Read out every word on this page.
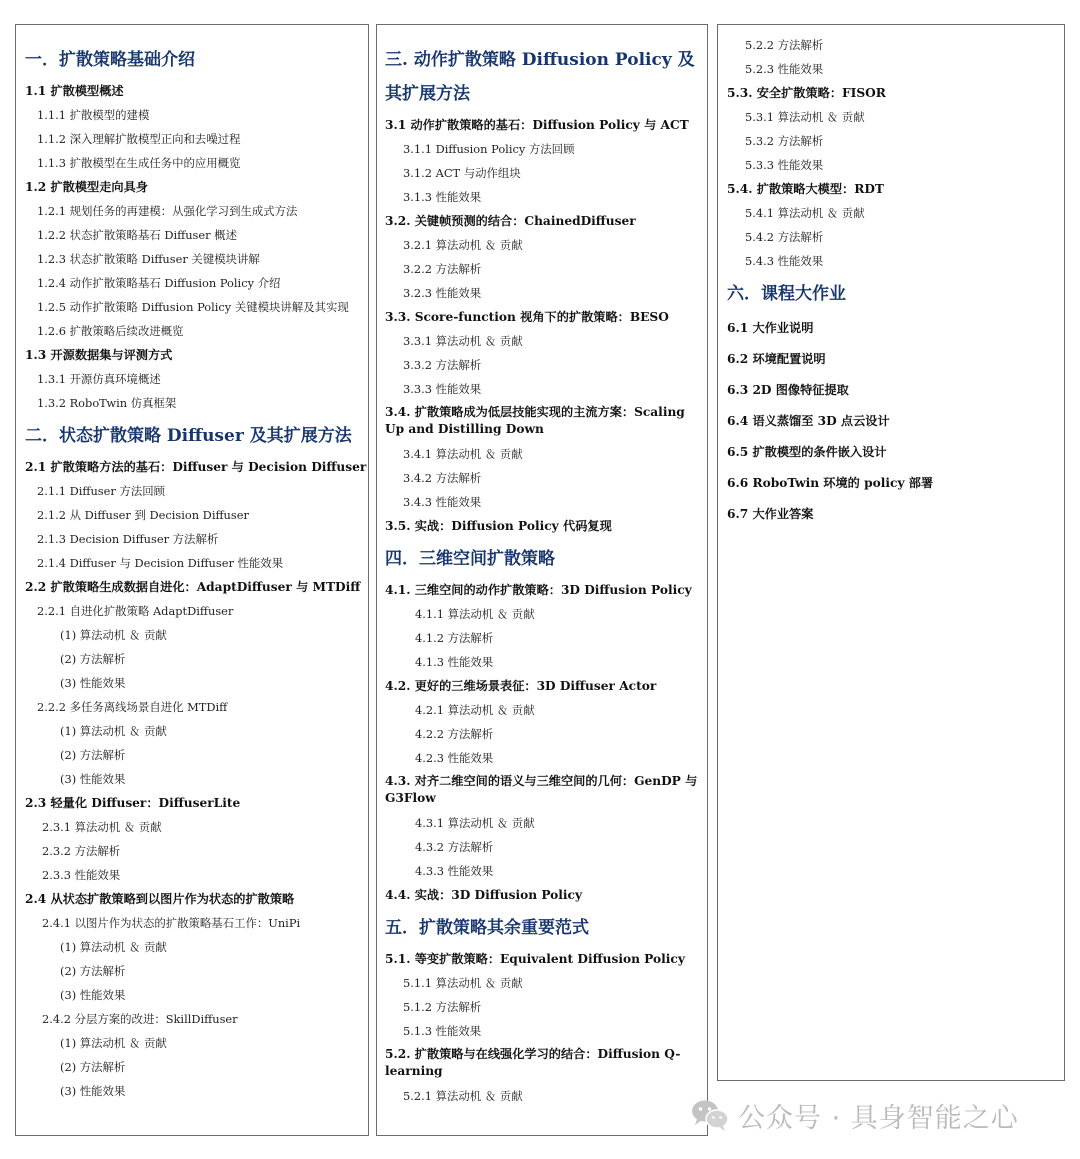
一．扩散策略基础介绍
1.1 扩散模型概述
1.1.1 扩散模型的建模
1.1.2 深入理解扩散模型正向和去噪过程
1.1.3 扩散模型在生成任务中的应用概览
1.2 扩散模型走向具身
1.2.1 规划任务的再建模：从强化学习到生成式方法
1.2.2 状态扩散策略基石 Diffuser 概述
1.2.3 状态扩散策略 Diffuser 关键模块讲解
1.2.4 动作扩散策略基石 Diffusion Policy 介绍
1.2.5 动作扩散策略 Diffusion Policy 关键模块讲解及其实现
1.2.6 扩散策略后续改进概览
1.3 开源数据集与评测方式
1.3.1 开源仿真环境概述
1.3.2 RoboTwin 仿真框架
二．状态扩散策略 Diffuser 及其扩展方法
2.1 扩散策略方法的基石：Diffuser 与 Decision Diffuser
2.1.1 Diffuser 方法回顾
2.1.2 从 Diffuser 到 Decision Diffuser
2.1.3 Decision Diffuser 方法解析
2.1.4 Diffuser 与 Decision Diffuser 性能效果
2.2 扩散策略生成数据自进化：AdaptDiffuser 与 MTDiff
2.2.1 自进化扩散策略 AdaptDiffuser
(1) 算法动机 ＆ 贡献
(2) 方法解析
(3) 性能效果
2.2.2 多任务离线场景自进化 MTDiff
(1) 算法动机 ＆ 贡献
(2) 方法解析
(3) 性能效果
2.3 轻量化 Diffuser：DiffuserLite
2.3.1 算法动机 ＆ 贡献
2.3.2 方法解析
2.3.3 性能效果
2.4 从状态扩散策略到以图片作为状态的扩散策略
2.4.1 以图片作为状态的扩散策略基石工作：UniPi
(1) 算法动机 ＆ 贡献
(2) 方法解析
(3) 性能效果
2.4.2 分层方案的改进：SkillDiffuser
(1) 算法动机 ＆ 贡献
(2) 方法解析
(3) 性能效果
三. 动作扩散策略 Diffusion Policy 及其扩展方法
3.1 动作扩散策略的基石：Diffusion Policy 与 ACT
3.1.1 Diffusion Policy 方法回顾
3.1.2 ACT 与动作组块
3.1.3 性能效果
3.2. 关键帧预测的结合：ChainedDiffuser
3.2.1 算法动机 ＆ 贡献
3.2.2 方法解析
3.2.3 性能效果
3.3. Score-function 视角下的扩散策略：BESO
3.3.1 算法动机 ＆ 贡献
3.3.2 方法解析
3.3.3 性能效果
3.4. 扩散策略成为低层技能实现的主流方案：Scaling Up and Distilling Down
3.4.1 算法动机 ＆ 贡献
3.4.2 方法解析
3.4.3 性能效果
3.5. 实战：Diffusion Policy 代码复现
四．三维空间扩散策略
4.1. 三维空间的动作扩散策略：3D Diffusion Policy
4.1.1 算法动机 ＆ 贡献
4.1.2 方法解析
4.1.3 性能效果
4.2. 更好的三维场景表征：3D Diffuser Actor
4.2.1 算法动机 ＆ 贡献
4.2.2 方法解析
4.2.3 性能效果
4.3. 对齐二维空间的语义与三维空间的几何：GenDP 与 G3Flow
4.3.1 算法动机 ＆ 贡献
4.3.2 方法解析
4.3.3 性能效果
4.4. 实战：3D Diffusion Policy
五．扩散策略其余重要范式
5.1. 等变扩散策略：Equivalent Diffusion Policy
5.1.1 算法动机 ＆ 贡献
5.1.2 方法解析
5.1.3 性能效果
5.2. 扩散策略与在线强化学习的结合：Diffusion Q-learning
5.2.1 算法动机 ＆ 贡献
5.2.2 方法解析
5.2.3 性能效果
5.3. 安全扩散策略：FISOR
5.3.1 算法动机 ＆ 贡献
5.3.2 方法解析
5.3.3 性能效果
5.4. 扩散策略大模型：RDT
5.4.1 算法动机 ＆ 贡献
5.4.2 方法解析
5.4.3 性能效果
六．课程大作业
6.1 大作业说明
6.2 环境配置说明
6.3 2D 图像特征提取
6.4 语义蒸馏至 3D 点云设计
6.5 扩散模型的条件嵌入设计
6.6 RoboTwin 环境的 policy 部署
6.7 大作业答案
公众号 · 具身智能之心
